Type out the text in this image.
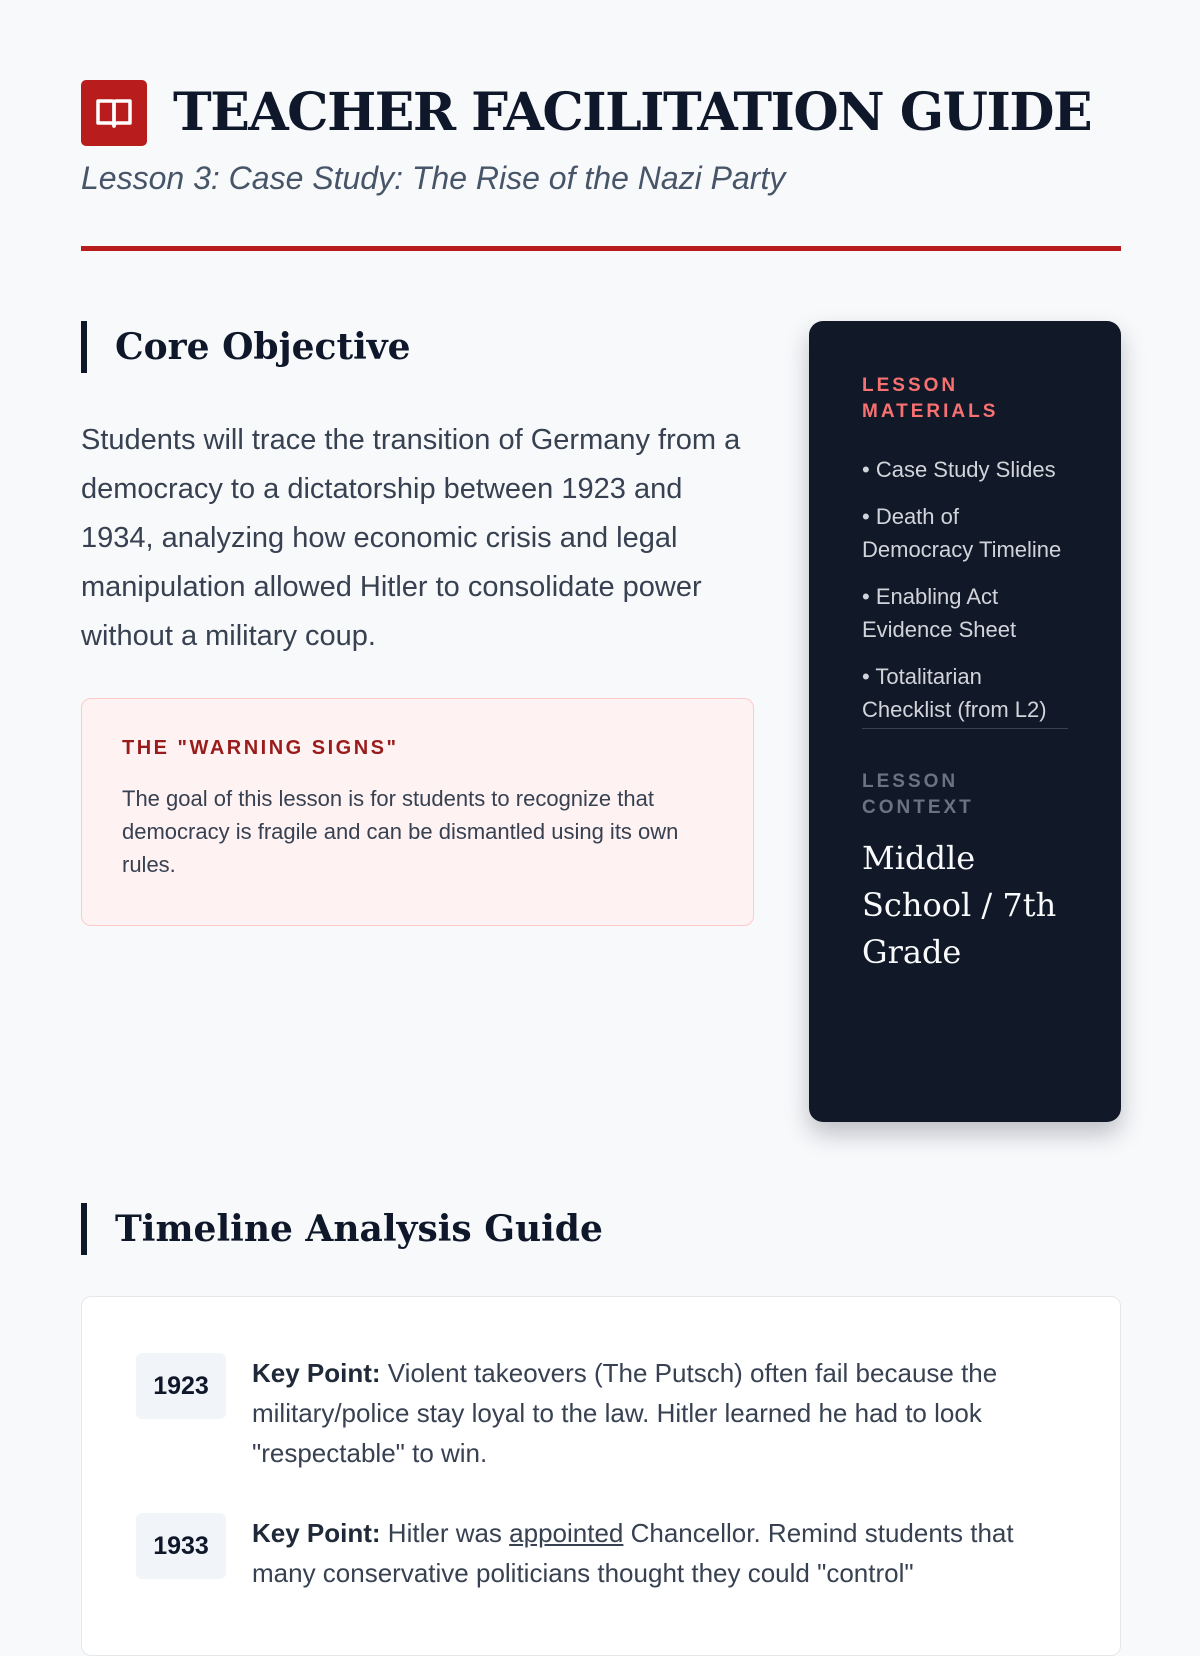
TEACHER FACILITATION GUIDE

Lesson 3: Case Study: The Rise of the Nazi Party

Core Objective

Students will trace the transition of Germany from a democracy to a dictatorship between 1923 and 1934, analyzing how economic crisis and legal manipulation allowed Hitler to consolidate power without a military coup.

THE "WARNING SIGNS"

The goal of this lesson is for students to recognize that democracy is fragile and can be dismantled using its own rules.

LESSON MATERIALS

• Case Study Slides
• Death of Democracy Timeline
• Enabling Act Evidence Sheet
• Totalitarian Checklist (from L2)

LESSON CONTEXT

Middle School / 7th Grade

Timeline Analysis Guide
1923	Key Point: Violent takeovers (The Putsch) often fail because the military/police stay loyal to the law. Hitler learned he had to look "respectable" to win.

1933	Key Point: Hitler was appointed Chancellor. Remind students that many conservative politicians thought they could "control"
